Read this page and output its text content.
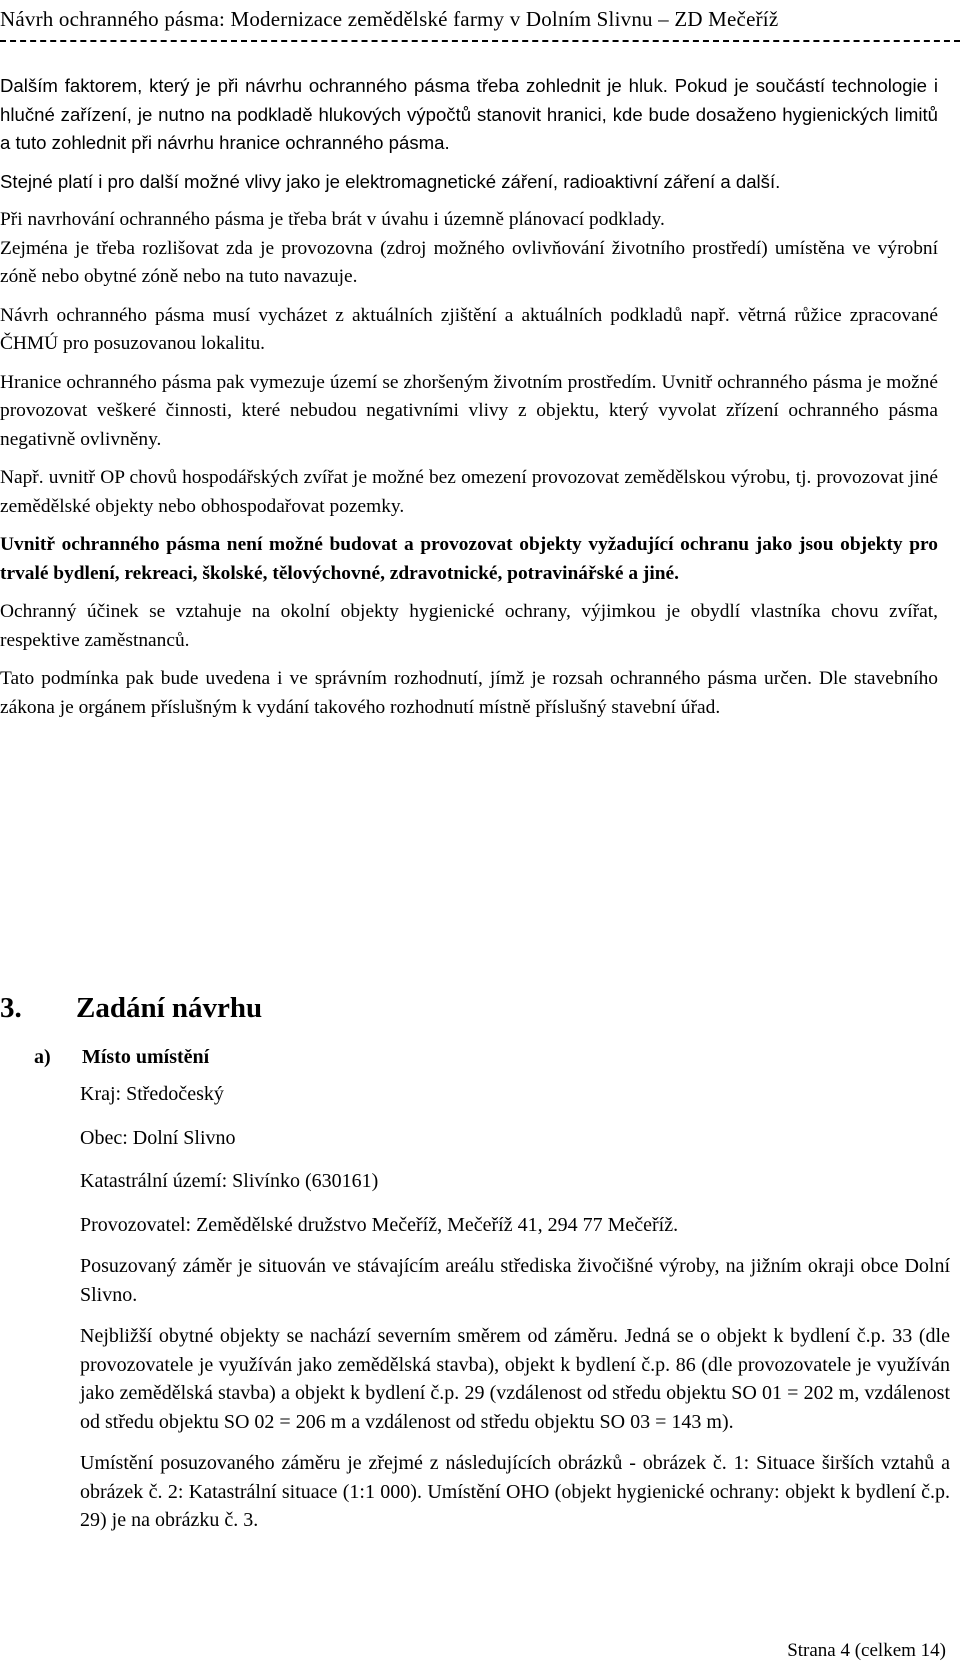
Návrh ochranného pásma: Modernizace zemědělské farmy v Dolním Slivnu – ZD Mečeříž

Dalším faktorem, který je při návrhu ochranného pásma třeba zohlednit je hluk. Pokud je součástí technologie i hlučné zařízení, je nutno na podkladě hlukových výpočtů stanovit hranici, kde bude dosaženo hygienických limitů a tuto zohlednit při návrhu hranice ochranného pásma.

Stejné platí i pro další možné vlivy jako je elektromagnetické záření, radioaktivní záření a další.

Při navrhování ochranného pásma je třeba brát v úvahu i územně plánovací podklady.

Zejména je třeba rozlišovat zda je provozovna (zdroj možného ovlivňování životního prostředí) umístěna ve výrobní zóně nebo obytné zóně nebo na tuto navazuje.

Návrh ochranného pásma musí vycházet z aktuálních zjištění a aktuálních podkladů např. větrná růžice zpracované ČHMÚ pro posuzovanou lokalitu.

Hranice ochranného pásma pak vymezuje území se zhoršeným životním prostředím. Uvnitř ochranného pásma je možné provozovat veškeré činnosti, které nebudou negativními vlivy z objektu, který vyvolat zřízení ochranného pásma negativně ovlivněny.

Např. uvnitř OP chovů hospodářských zvířat je možné bez omezení provozovat zemědělskou výrobu, tj. provozovat jiné zemědělské objekty nebo obhospodařovat pozemky.

Uvnitř ochranného pásma není možné budovat a provozovat objekty vyžadující ochranu jako jsou objekty pro trvalé bydlení, rekreaci, školské, tělovýchovné, zdravotnické, potravinářské a jiné.

Ochranný účinek se vztahuje na okolní objekty hygienické ochrany, výjimkou je obydlí vlastníka chovu zvířat, respektive zaměstnanců.

Tato podmínka pak bude uvedena i ve správním rozhodnutí, jímž je rozsah ochranného pásma určen. Dle stavebního zákona je orgánem příslušným k vydání takového rozhodnutí místně příslušný stavební úřad.

3. Zadání návrhu
a) Místo umístění

Kraj: Středočeský

Obec: Dolní Slivno

Katastrální území: Slivínko (630161)

Provozovatel: Zemědělské družstvo Mečeříž, Mečeříž 41, 294 77 Mečeříž.

Posuzovaný záměr je situován ve stávajícím areálu střediska živočišné výroby, na jižním okraji obce Dolní Slivno.

Nejbližší obytné objekty se nachází severním směrem od záměru. Jedná se o objekt k bydlení č.p. 33 (dle provozovatele je využíván jako zemědělská stavba), objekt k bydlení č.p. 86 (dle provozovatele je využíván jako zemědělská stavba) a objekt k bydlení č.p. 29 (vzdálenost od středu objektu SO 01 = 202 m, vzdálenost od středu objektu SO 02 = 206 m a vzdálenost od středu objektu SO 03 = 143 m).

Umístění posuzovaného záměru je zřejmé z následujících obrázků - obrázek č. 1: Situace širších vztahů a obrázek č. 2: Katastrální situace (1:1 000). Umístění OHO (objekt hygienické ochrany: objekt k bydlení č.p. 29) je na obrázku č. 3.

Strana 4 (celkem 14)
